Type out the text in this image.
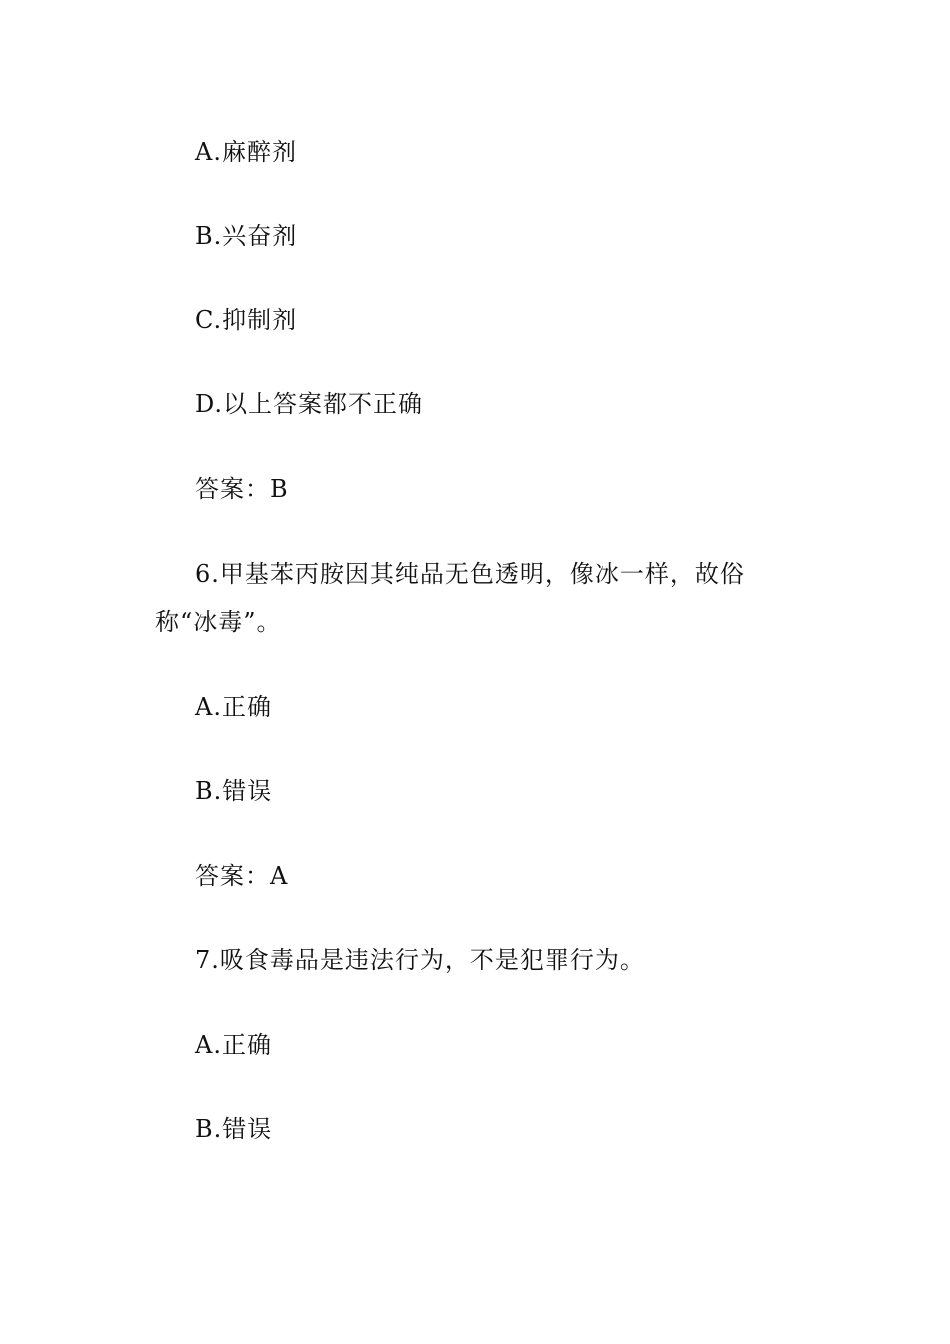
A.麻醉剂
B.兴奋剂
C.抑制剂
D.以上答案都不正确
答案：B
6.甲基苯丙胺因其纯品无色透明，像冰一样，故俗称“冰毒”。
A.正确
B.错误
答案：A
7.吸食毒品是违法行为，不是犯罪行为。
A.正确
B.错误
